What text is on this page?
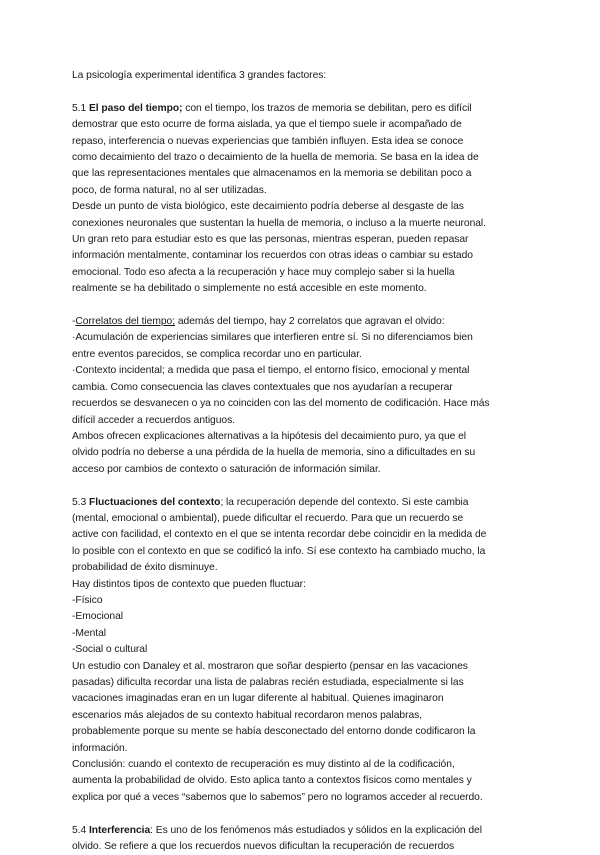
La psicología experimental identifica 3 grandes factores:

5.1 El paso del tiempo; con el tiempo, los trazos de memoria se debilitan, pero es difícil

demostrar que esto ocurre de forma aislada, ya que el tiempo suele ir acompañado de

repaso, interferencia o nuevas experiencias que también influyen. Esta idea se conoce

como decaimiento del trazo o decaimiento de la huella de memoria. Se basa en la idea de

que las representaciones mentales que almacenamos en la memoria se debilitan poco a

poco, de forma natural, no al ser utilizadas.

Desde un punto de vista biológico, este decaimiento podría deberse al desgaste de las

conexiones neuronales que sustentan la huella de memoria, o incluso a la muerte neuronal.

Un gran reto para estudiar esto es que las personas, mientras esperan, pueden repasar

información mentalmente, contaminar los recuerdos con otras ideas o cambiar su estado

emocional. Todo eso afecta a la recuperación y hace muy complejo saber si la huella

realmente se ha debilitado o simplemente no está accesible en este momento.

-Correlatos del tiempo; además del tiempo, hay 2 correlatos que agravan el olvido:

·Acumulación de experiencias similares que interfieren entre sí. Si no diferenciamos bien

entre eventos parecidos, se complica recordar uno en particular.

·Contexto incidental; a medida que pasa el tiempo, el entorno físico, emocional y mental

cambia. Como consecuencia las claves contextuales que nos ayudarían a recuperar

recuerdos se desvanecen o ya no coinciden con las del momento de codificación. Hace más

difícil acceder a recuerdos antiguos.

Ambos ofrecen explicaciones alternativas a la hipótesis del decaimiento puro, ya que el

olvido podría no deberse a una pérdida de la huella de memoria, sino a dificultades en su

acceso por cambios de contexto o saturación de información similar.

5.3 Fluctuaciones del contexto; la recuperación depende del contexto. Si este cambia

(mental, emocional o ambiental), puede dificultar el recuerdo. Para que un recuerdo se

active con facilidad, el contexto en el que se intenta recordar debe coincidir en la medida de

lo posible con el contexto en que se codificó la info. Sí ese contexto ha cambiado mucho, la

probabilidad de éxito disminuye.

Hay distintos tipos de contexto que pueden fluctuar:

-Físico

-Emocional

-Mental

-Social o cultural

Un estudio con Danaley et al. mostraron que soñar despierto (pensar en las vacaciones

pasadas) dificulta recordar una lista de palabras recién estudiada, especialmente si las

vacaciones imaginadas eran en un lugar diferente al habitual. Quienes imaginaron

escenarios más alejados de su contexto habitual recordaron menos palabras,

probablemente porque su mente se había desconectado del entorno donde codificaron la

información.

Conclusión: cuando el contexto de recuperación es muy distinto al de la codificación,

aumenta la probabilidad de olvido. Esto aplica tanto a contextos físicos como mentales y

explica por qué a veces “sabemos que lo sabemos” pero no logramos acceder al recuerdo.

5.4 Interferencia: Es uno de los fenómenos más estudiados y sólidos en la explicación del

olvido. Se refiere a que los recuerdos nuevos dificultan la recuperación de recuerdos
